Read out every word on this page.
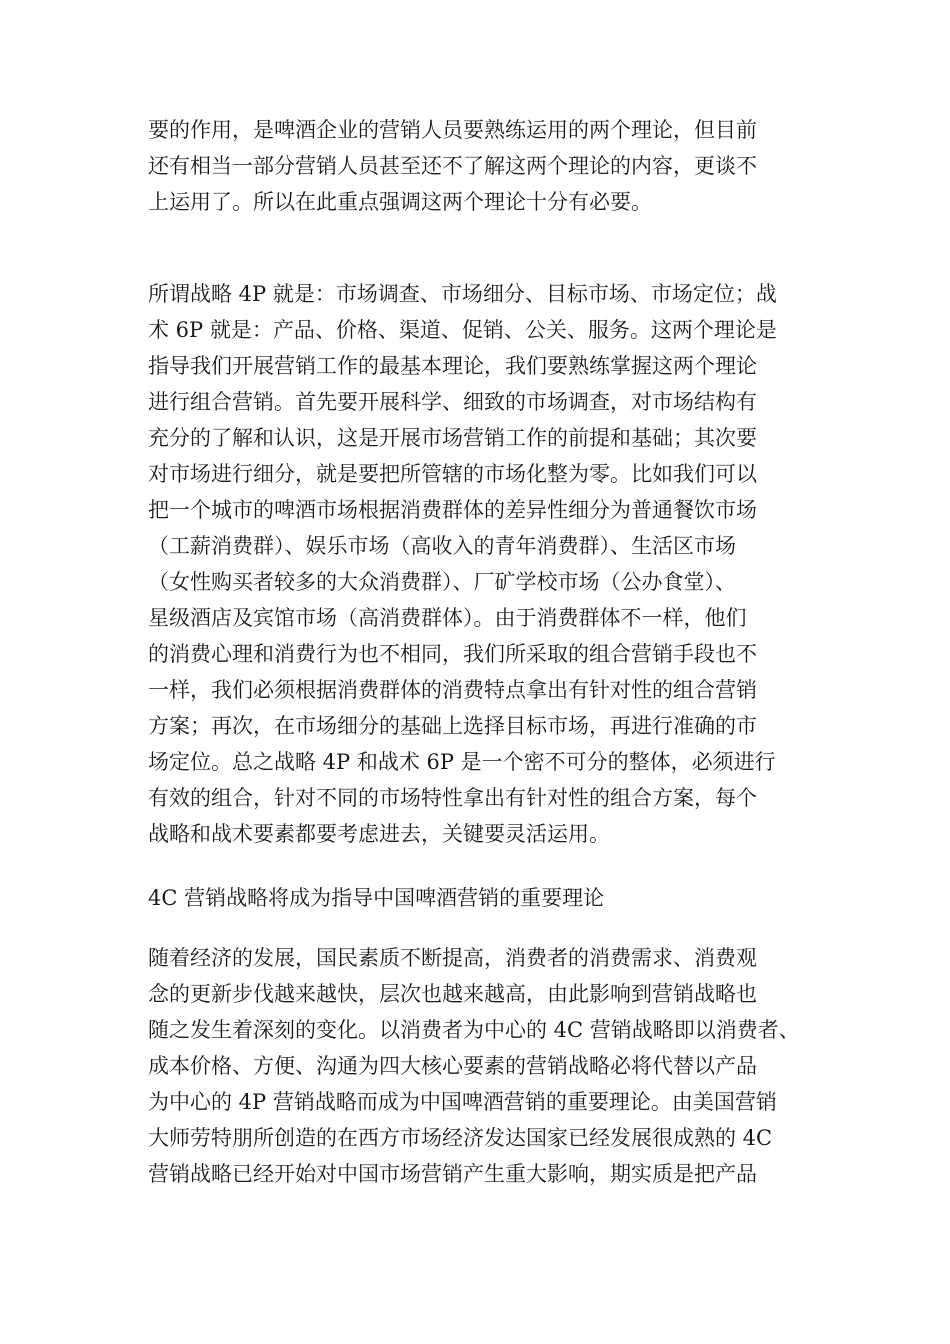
要的作用，是啤酒企业的营销人员要熟练运用的两个理论，但目前
还有相当一部分营销人员甚至还不了解这两个理论的内容，更谈不
上运用了。所以在此重点强调这两个理论十分有必要。
所谓战略 4P 就是：市场调查、市场细分、目标市场、市场定位；战
术 6P 就是：产品、价格、渠道、促销、公关、服务。这两个理论是
指导我们开展营销工作的最基本理论，我们要熟练掌握这两个理论
进行组合营销。首先要开展科学、细致的市场调查，对市场结构有
充分的了解和认识，这是开展市场营销工作的前提和基础；其次要
对市场进行细分，就是要把所管辖的市场化整为零。比如我们可以
把一个城市的啤酒市场根据消费群体的差异性细分为普通餐饮市场
（工薪消费群）、娱乐市场（高收入的青年消费群）、生活区市场
（女性购买者较多的大众消费群）、厂矿学校市场（公办食堂）、
星级酒店及宾馆市场（高消费群体）。由于消费群体不一样，他们
的消费心理和消费行为也不相同，我们所采取的组合营销手段也不
一样，我们必须根据消费群体的消费特点拿出有针对性的组合营销
方案；再次，在市场细分的基础上选择目标市场，再进行准确的市
场定位。总之战略 4P 和战术 6P 是一个密不可分的整体，必须进行
有效的组合，针对不同的市场特性拿出有针对性的组合方案，每个
战略和战术要素都要考虑进去，关键要灵活运用。
4C 营销战略将成为指导中国啤酒营销的重要理论
随着经济的发展，国民素质不断提高，消费者的消费需求、消费观
念的更新步伐越来越快，层次也越来越高，由此影响到营销战略也
随之发生着深刻的变化。以消费者为中心的 4C 营销战略即以消费者、
成本价格、方便、沟通为四大核心要素的营销战略必将代替以产品
为中心的 4P 营销战略而成为中国啤酒营销的重要理论。由美国营销
大师劳特朋所创造的在西方市场经济发达国家已经发展很成熟的 4C
营销战略已经开始对中国市场营销产生重大影响，期实质是把产品
